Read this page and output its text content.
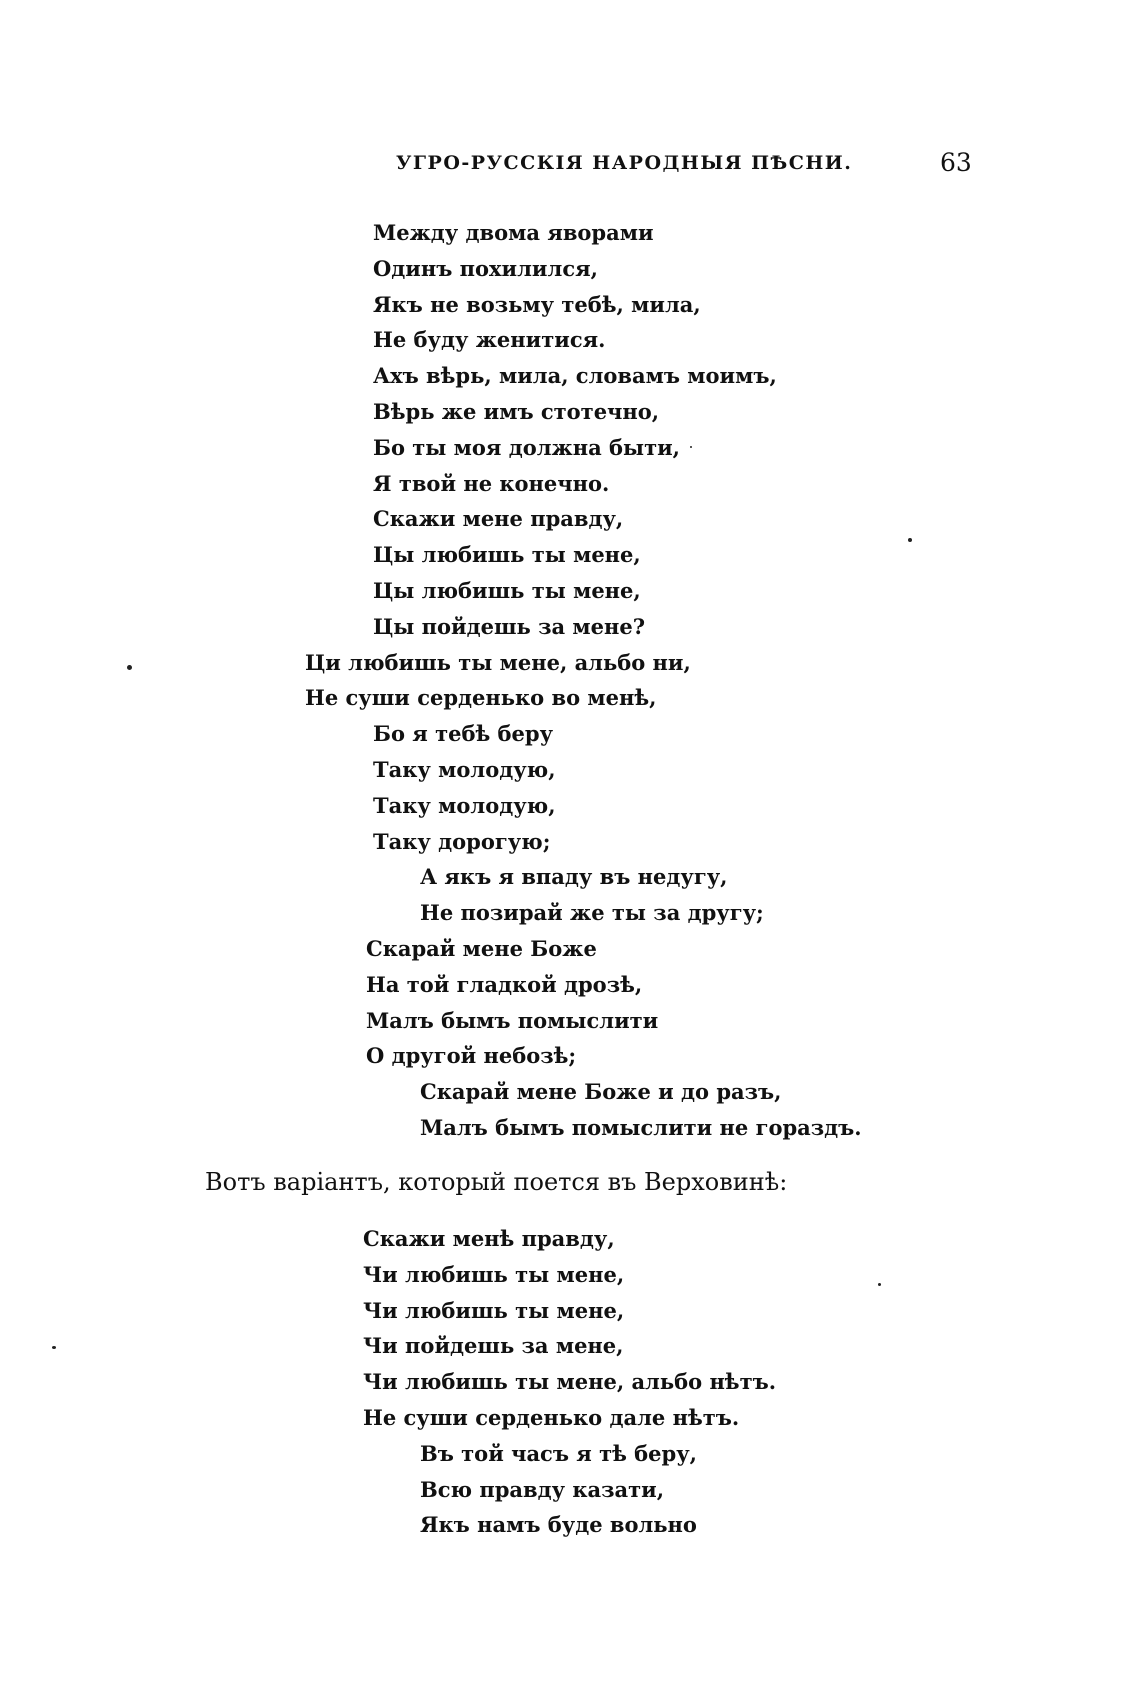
УГРО-РУССКІЯ НАРОДНЫЯ ПѢСНИ.	63
Между двома яворами
Одинъ похилился,
Якъ не возьму тебѣ, мила,
Не буду женитися.
Ахъ вѣрь, мила, словамъ моимъ,
Вѣрь же имъ стотечно,
Бо ты моя должна быти,
Я твой не конечно.
Скажи мене правду,
Цы любишь ты мене,
Цы любишь ты мене,
Цы пойдешь за мене?
Ци любишь ты мене, альбо ни,
Не суши серденько во менѣ,
Бо я тебѣ беру
Таку молодую,
Таку молодую,
Таку дорогую;
А якъ я впаду въ недугу,
Не позирай же ты за другу;
Скарай мене Боже
На той гладкой дрозѣ,
Малъ бымъ помыслити
О другой небозѣ;
Скарай мене Боже и до разъ,
Малъ бымъ помыслити не гораздъ.
Вотъ варіантъ, который поется въ Верховинѣ:
Скажи менѣ правду,
Чи любишь ты мене,
Чи любишь ты мене,
Чи пойдешь за мене,
Чи любишь ты мене, альбо нѣтъ.
Не суши серденько дале нѣтъ.
Въ той часъ я тѣ беру,
Всю правду казати,
Якъ намъ буде вольно
